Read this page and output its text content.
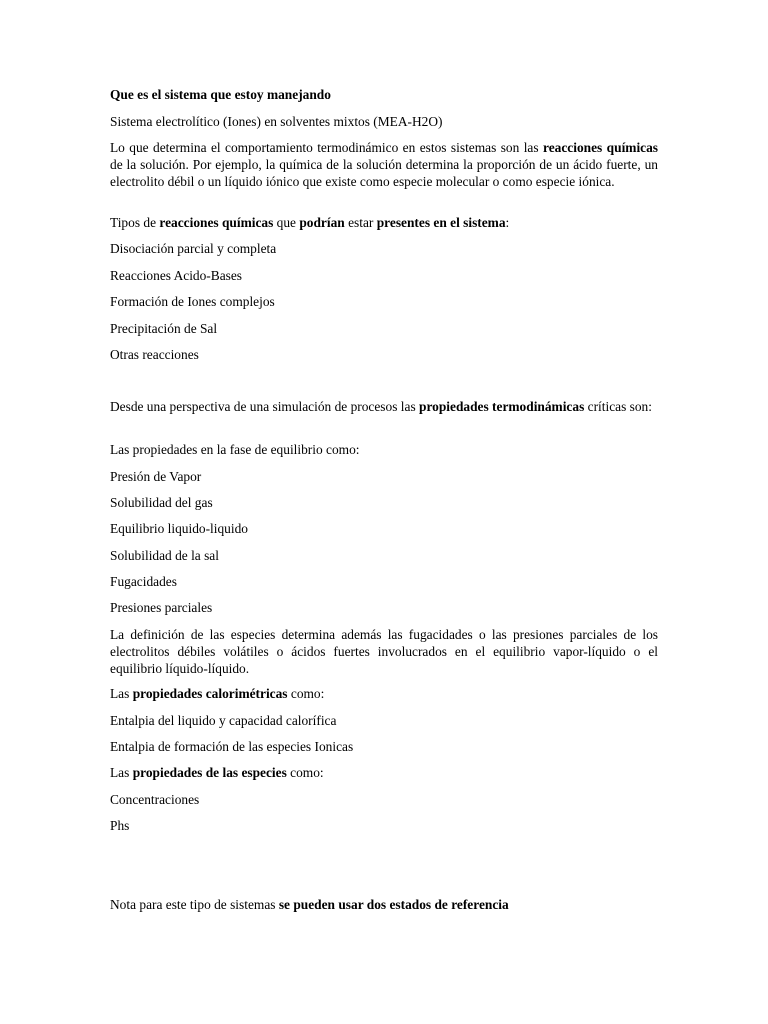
Que es el sistema que estoy manejando
Sistema electrolítico (Iones) en solventes mixtos (MEA-H2O)
Lo que determina el comportamiento termodinámico en estos sistemas son las reacciones químicas de la solución. Por ejemplo, la química de la solución determina la proporción de un ácido fuerte, un electrolito débil o un líquido iónico que existe como especie molecular o como especie iónica.
Tipos de reacciones químicas que podrían estar presentes en el sistema:
Disociación parcial y completa
Reacciones Acido-Bases
Formación de Iones complejos
Precipitación de Sal
Otras reacciones
Desde una perspectiva de una simulación de procesos las propiedades termodinámicas críticas son:
Las propiedades en la fase de equilibrio como:
Presión de Vapor
Solubilidad del gas
Equilibrio liquido-liquido
Solubilidad de la sal
Fugacidades
Presiones parciales
La definición de las especies determina además las fugacidades o las presiones parciales de los electrolitos débiles volátiles o ácidos fuertes involucrados en el equilibrio vapor-líquido o el equilibrio líquido-líquido.
Las propiedades calorimétricas como:
Entalpia del liquido y capacidad calorífica
Entalpia de formación de las especies Ionicas
Las propiedades de las especies como:
Concentraciones
Phs
Nota para este tipo de sistemas se pueden usar dos estados de referencia
